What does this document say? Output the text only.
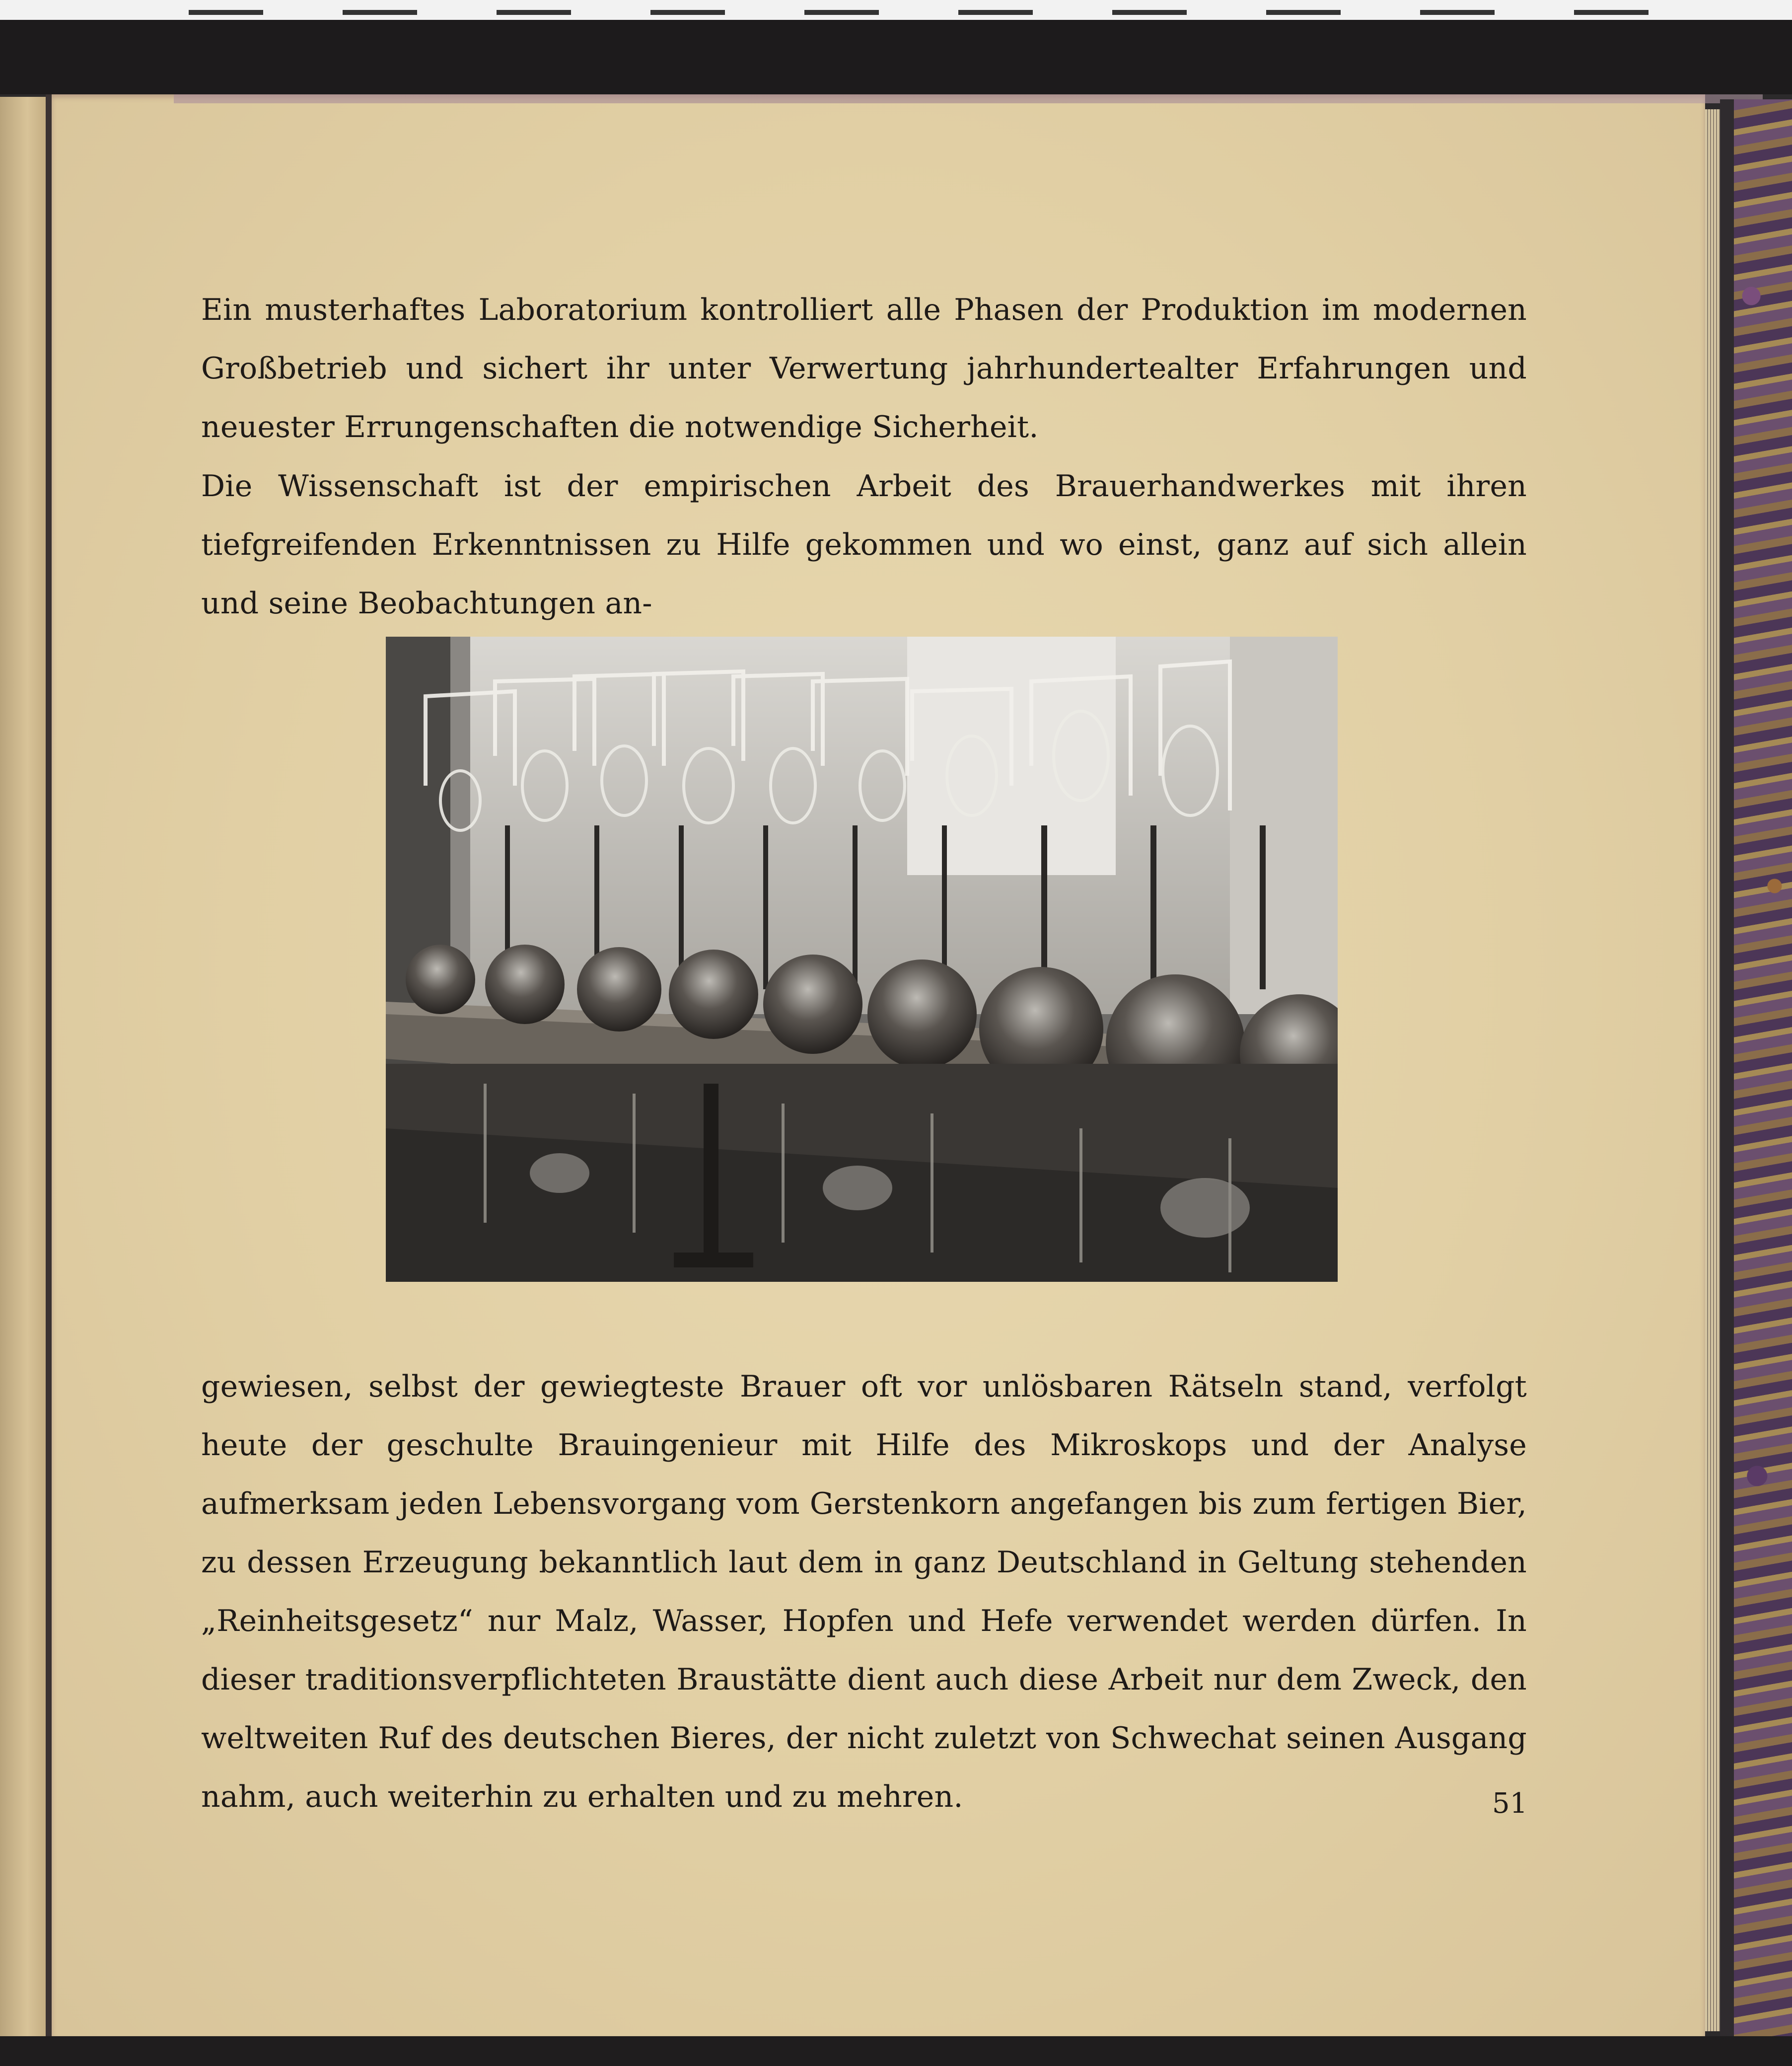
Ein musterhaftes Laboratorium kontrolliert alle Phasen der Produktion im modernen Großbetrieb und sichert ihr unter Verwertung jahrhundertealter Erfahrungen und neuester Errungenschaften die notwendige Sicherheit.

Die Wissenschaft ist der empirischen Arbeit des Brauerhandwerkes mit ihren tiefgreifenden Erkenntnissen zu Hilfe gekommen und wo einst, ganz auf sich allein und seine Beobachtungen an-

gewiesen, selbst der gewiegteste Brauer oft vor unlösbaren Rätseln stand, verfolgt heute der geschulte Brauingenieur mit Hilfe des Mikroskops und der Analyse aufmerksam jeden Lebensvorgang vom Gerstenkorn angefangen bis zum fertigen Bier, zu dessen Erzeugung bekanntlich laut dem in ganz Deutschland in Geltung stehenden „Reinheitsgesetz“ nur Malz, Wasser, Hopfen und Hefe verwendet werden dürfen. In dieser traditionsverpflichteten Braustätte dient auch diese Arbeit nur dem Zweck, den weltweiten Ruf des deutschen Bieres, der nicht zuletzt von Schwechat seinen Ausgang nahm, auch weiterhin zu erhalten und zu mehren.	51
